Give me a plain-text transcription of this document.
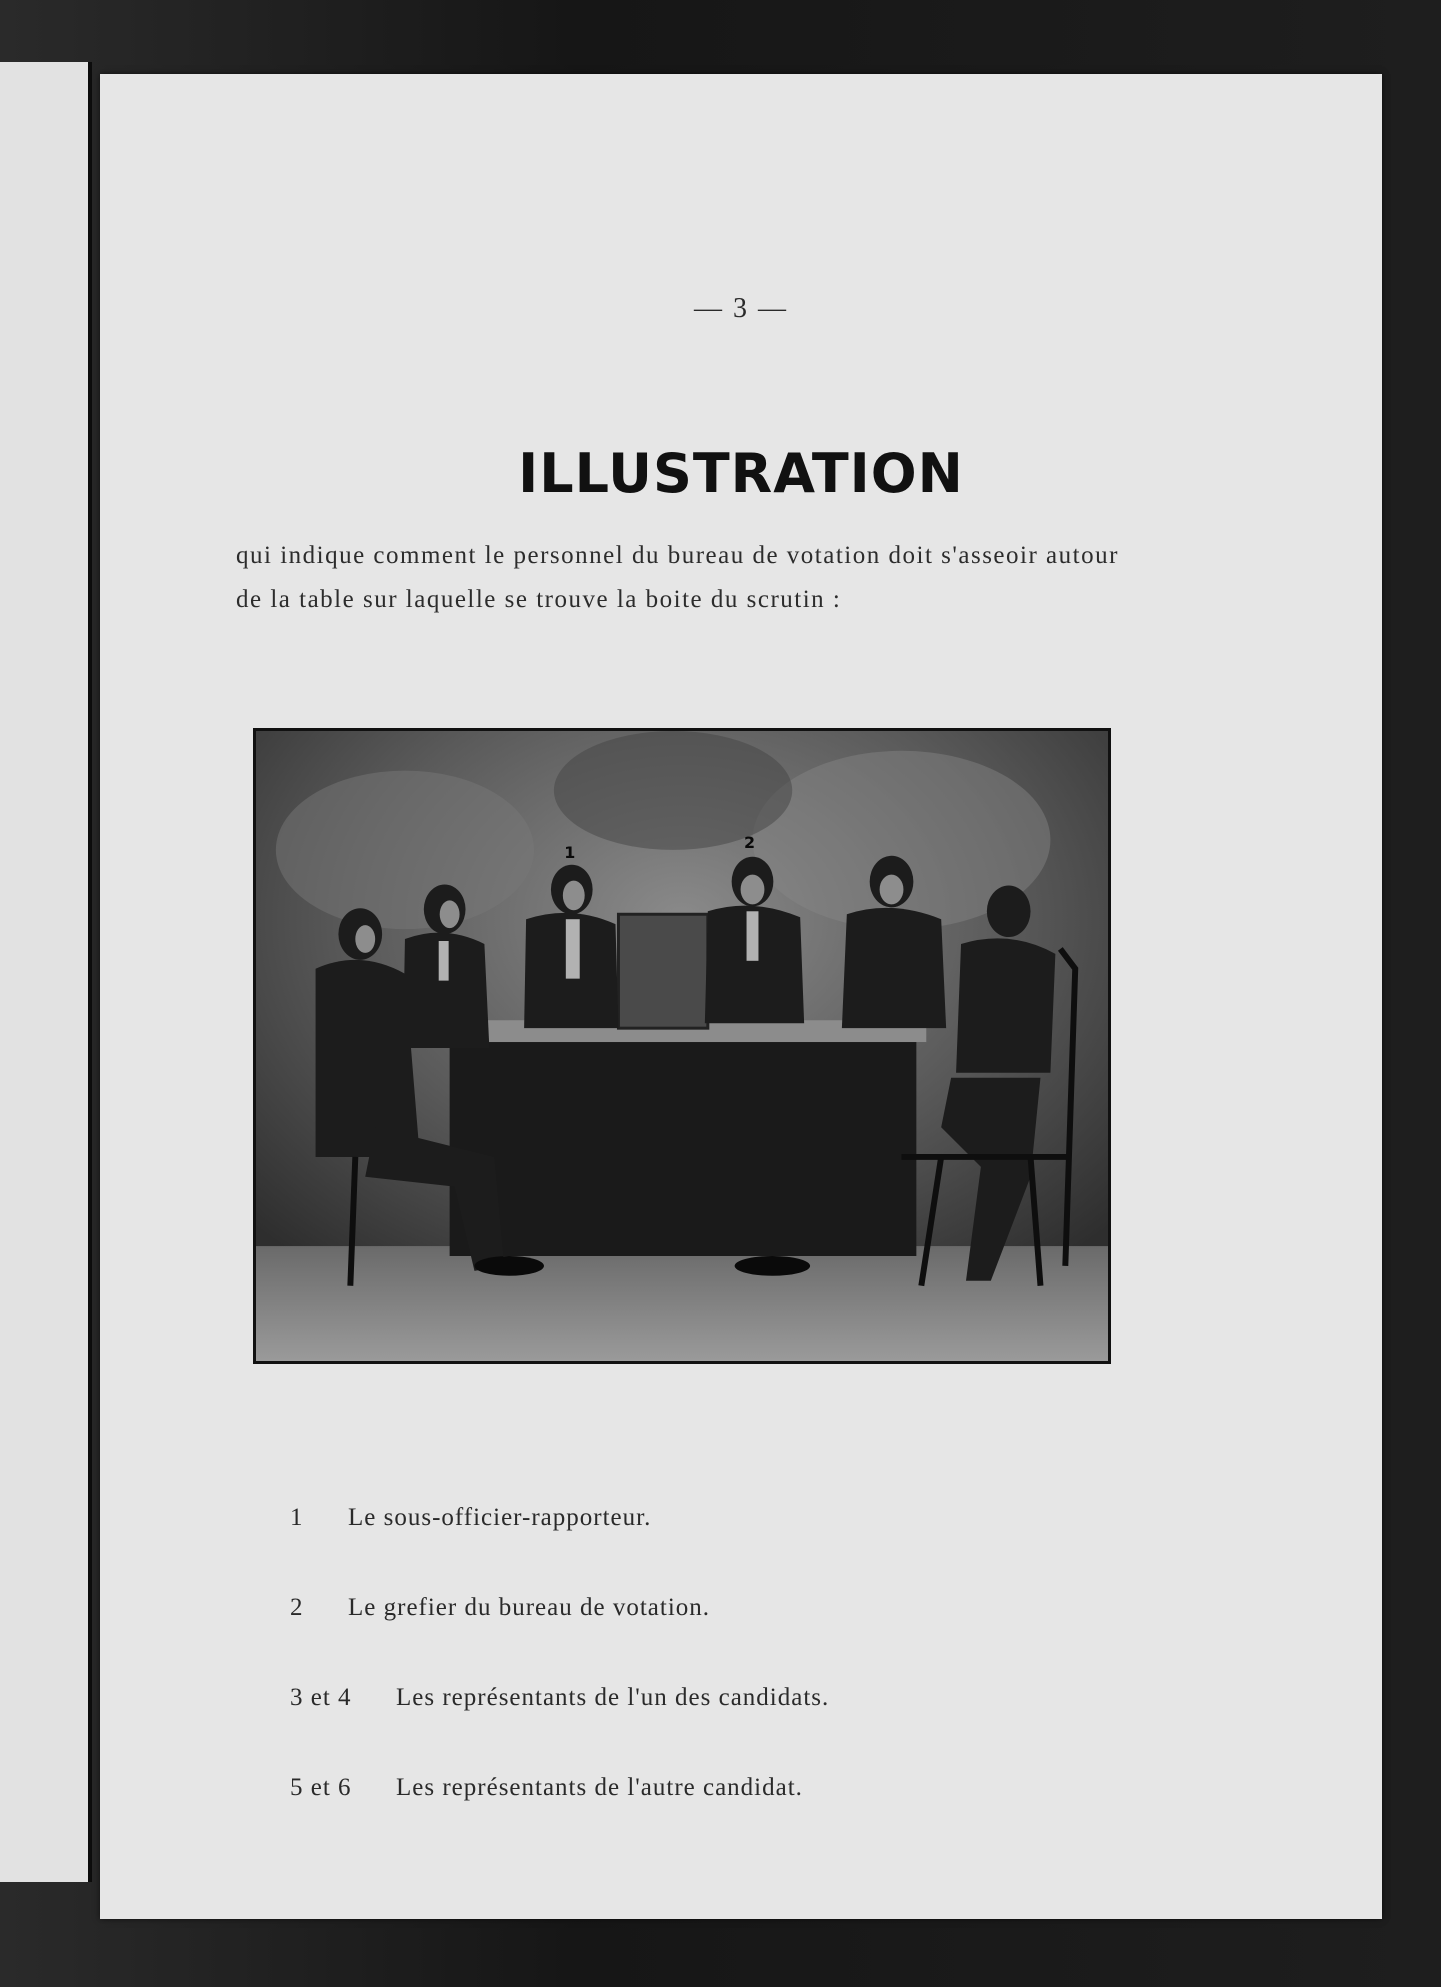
— 3 —
ILLUSTRATION

qui indique comment le personnel du bureau de votation doit s'asseoir autour de la table sur laquelle se trouve la boite du scrutin :

1
2
1	Le sous-officier-rapporteur.
2	Le grefier du bureau de votation.
3 et 4	Les représentants de l'un des candidats.
5 et 6	Les représentants de l'autre candidat.
